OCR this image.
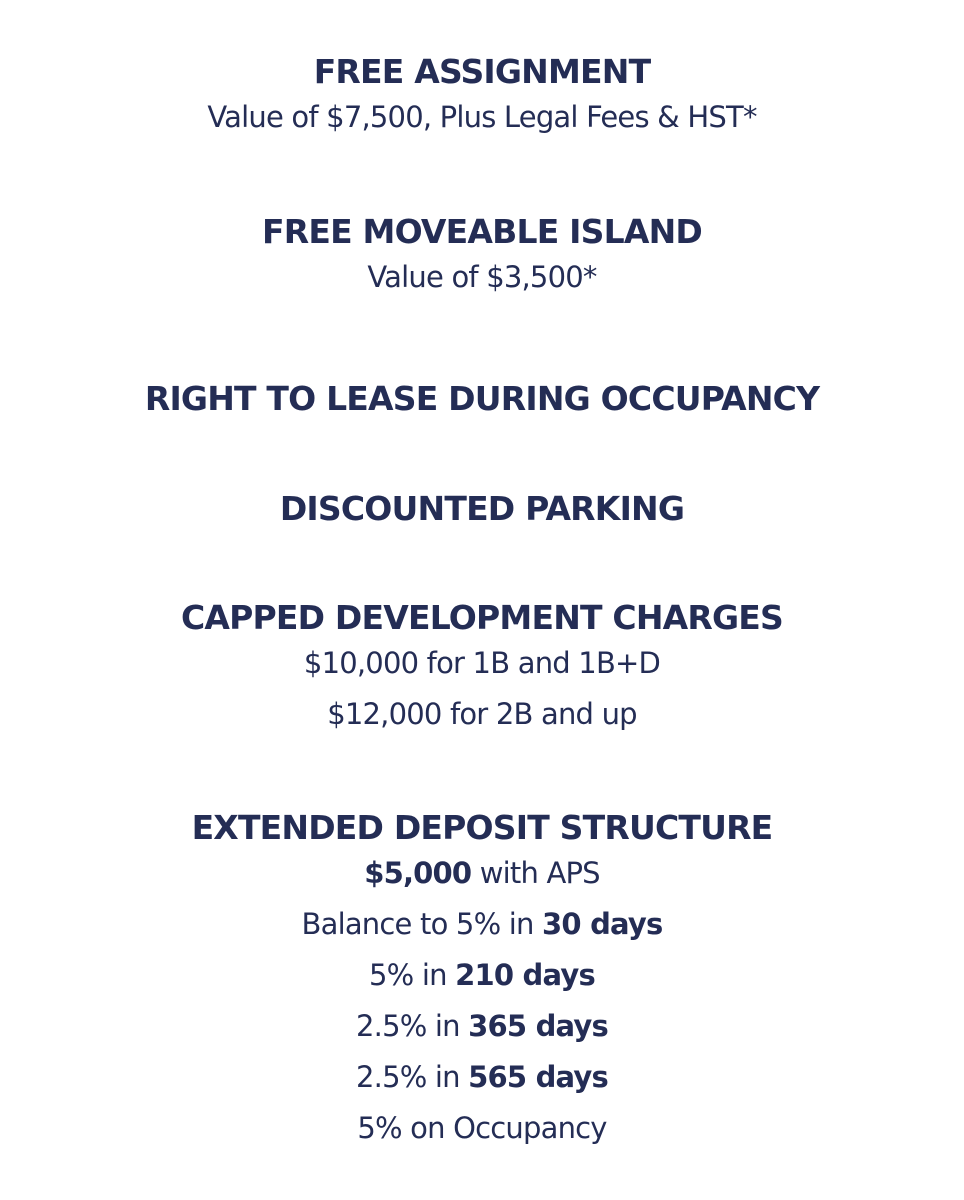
FREE ASSIGNMENT
Value of $7,500, Plus Legal Fees & HST*
FREE MOVEABLE ISLAND
Value of $3,500*
RIGHT TO LEASE DURING OCCUPANCY
DISCOUNTED PARKING
CAPPED DEVELOPMENT CHARGES
$10,000 for 1B and 1B+D
$12,000 for 2B and up
EXTENDED DEPOSIT STRUCTURE
$5,000 with APS
Balance to 5% in 30 days
5% in 210 days
2.5% in 365 days
2.5% in 565 days
5% on Occupancy
